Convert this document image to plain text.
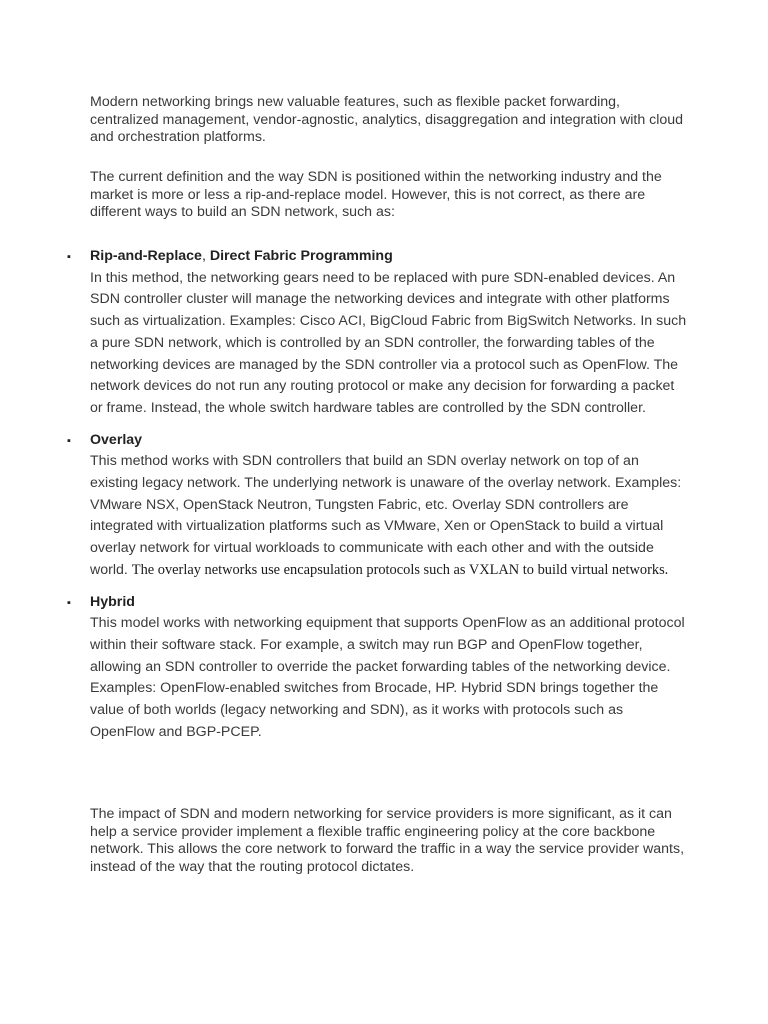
Modern networking brings new valuable features, such as flexible packet forwarding, centralized management, vendor-agnostic, analytics, disaggregation and integration with cloud and orchestration platforms.

The current definition and the way SDN is positioned within the networking industry and the market is more or less a rip-and-replace model. However, this is not correct, as there are different ways to build an SDN network, such as:

▪ Rip-and-Replace, Direct Fabric Programming

In this method, the networking gears need to be replaced with pure SDN-enabled devices. An SDN controller cluster will manage the networking devices and integrate with other platforms such as virtualization. Examples: Cisco ACI, BigCloud Fabric from BigSwitch Networks. In such a pure SDN network, which is controlled by an SDN controller, the forwarding tables of the networking devices are managed by the SDN controller via a protocol such as OpenFlow. The network devices do not run any routing protocol or make any decision for forwarding a packet or frame. Instead, the whole switch hardware tables are controlled by the SDN controller.

▪ Overlay

This method works with SDN controllers that build an SDN overlay network on top of an existing legacy network. The underlying network is unaware of the overlay network. Examples: VMware NSX, OpenStack Neutron, Tungsten Fabric, etc. Overlay SDN controllers are integrated with virtualization platforms such as VMware, Xen or OpenStack to build a virtual overlay network for virtual workloads to communicate with each other and with the outside world. The overlay networks use encapsulation protocols such as VXLAN to build virtual networks.

▪ Hybrid

This model works with networking equipment that supports OpenFlow as an additional protocol within their software stack. For example, a switch may run BGP and OpenFlow together, allowing an SDN controller to override the packet forwarding tables of the networking device. Examples: OpenFlow-enabled switches from Brocade, HP. Hybrid SDN brings together the value of both worlds (legacy networking and SDN), as it works with protocols such as OpenFlow and BGP-PCEP.

The impact of SDN and modern networking for service providers is more significant, as it can help a service provider implement a flexible traffic engineering policy at the core backbone network. This allows the core network to forward the traffic in a way the service provider wants, instead of the way that the routing protocol dictates.
